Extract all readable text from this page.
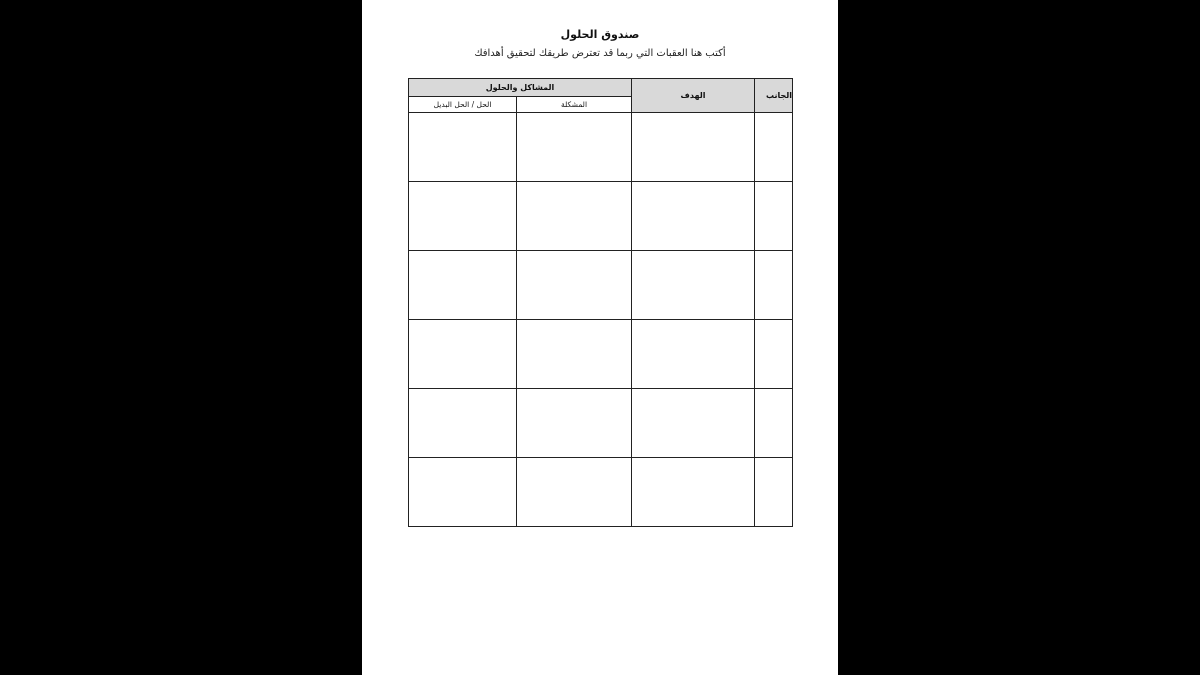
صندوق الحلول
أكتب هنا العقبات التي ربما قد تعترض طريقك لتحقيق أهدافك
الجانب	الهدف	المشاكل والحلول	
		المشكلة	الحل / الحل البديل
